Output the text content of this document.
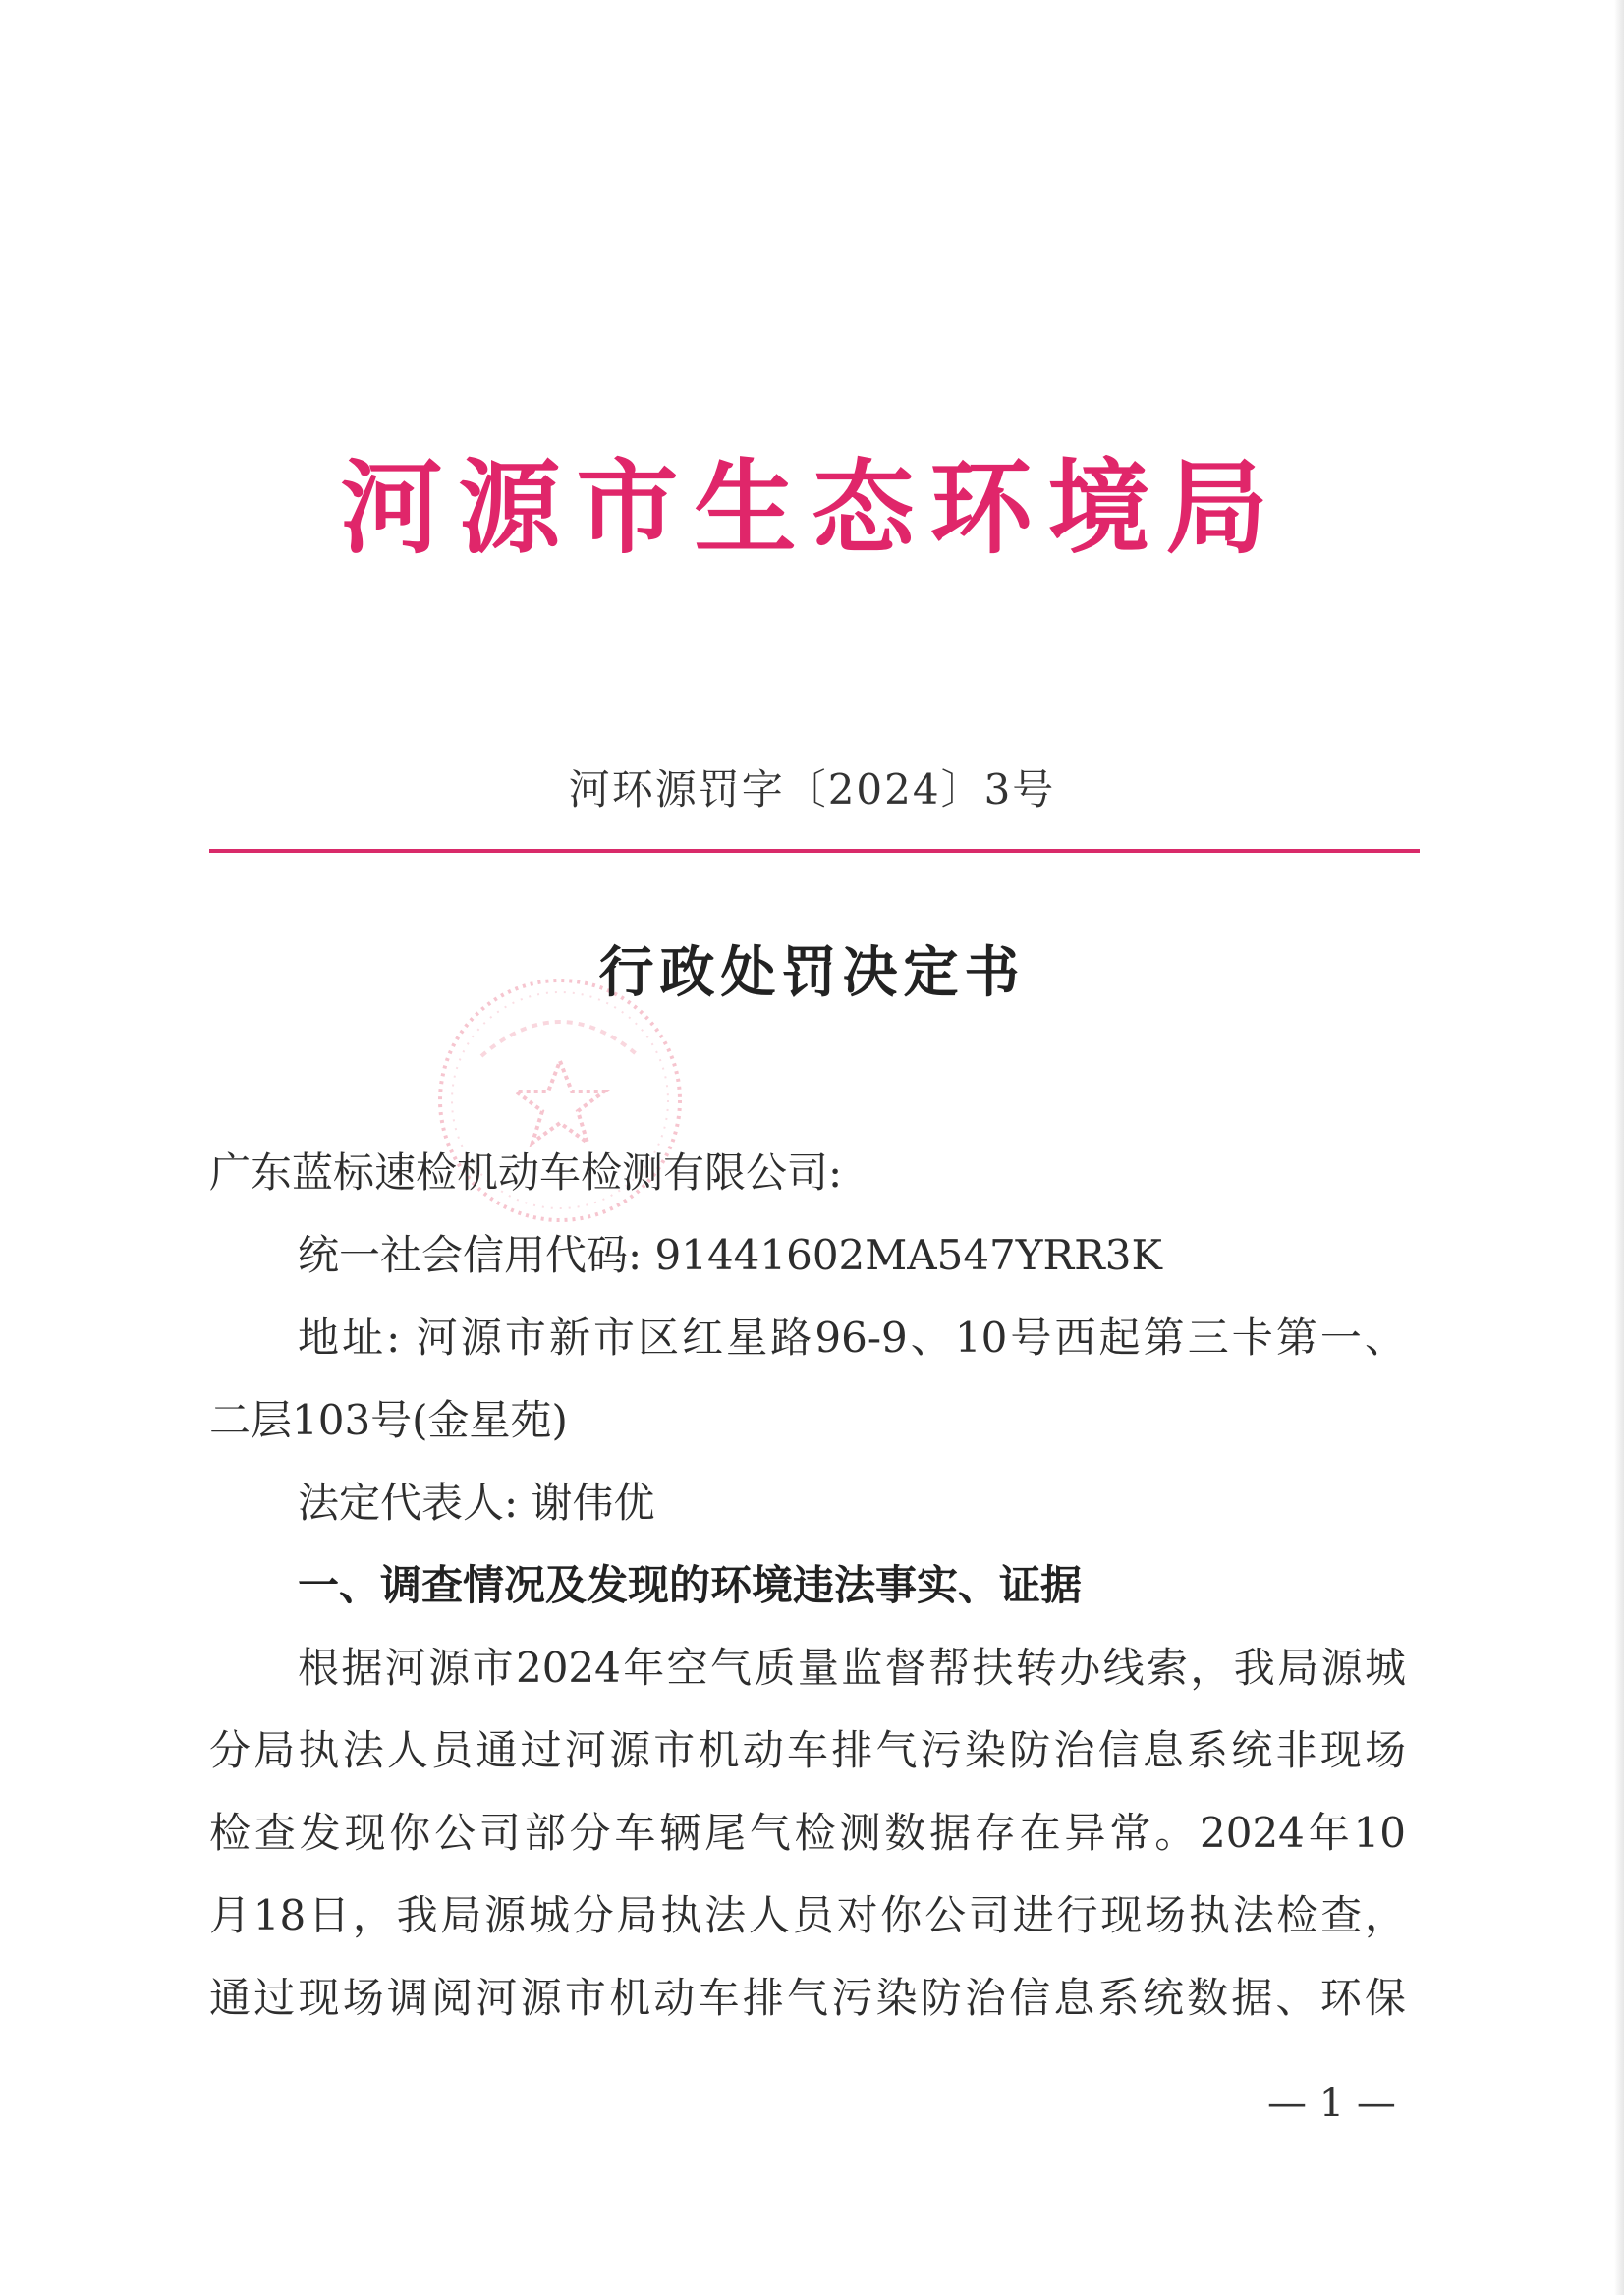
河源市生态环境局
河环源罚字〔2024〕3号
行政处罚决定书
广东蓝标速检机动车检测有限公司:
统一社会信用代码: 91441602MA547YRR3K
地址: 河源市新市区红星路96-9、10号西起第三卡第一、
二层103号(金星苑)
法定代表人: 谢伟优
一、调查情况及发现的环境违法事实、证据
根据河源市2024年空气质量监督帮扶转办线索，我局源城
分局执法人员通过河源市机动车排气污染防治信息系统非现场
检查发现你公司部分车辆尾气检测数据存在异常。2024年10
月18日，我局源城分局执法人员对你公司进行现场执法检查，
通过现场调阅河源市机动车排气污染防治信息系统数据、环保
— 1 —
